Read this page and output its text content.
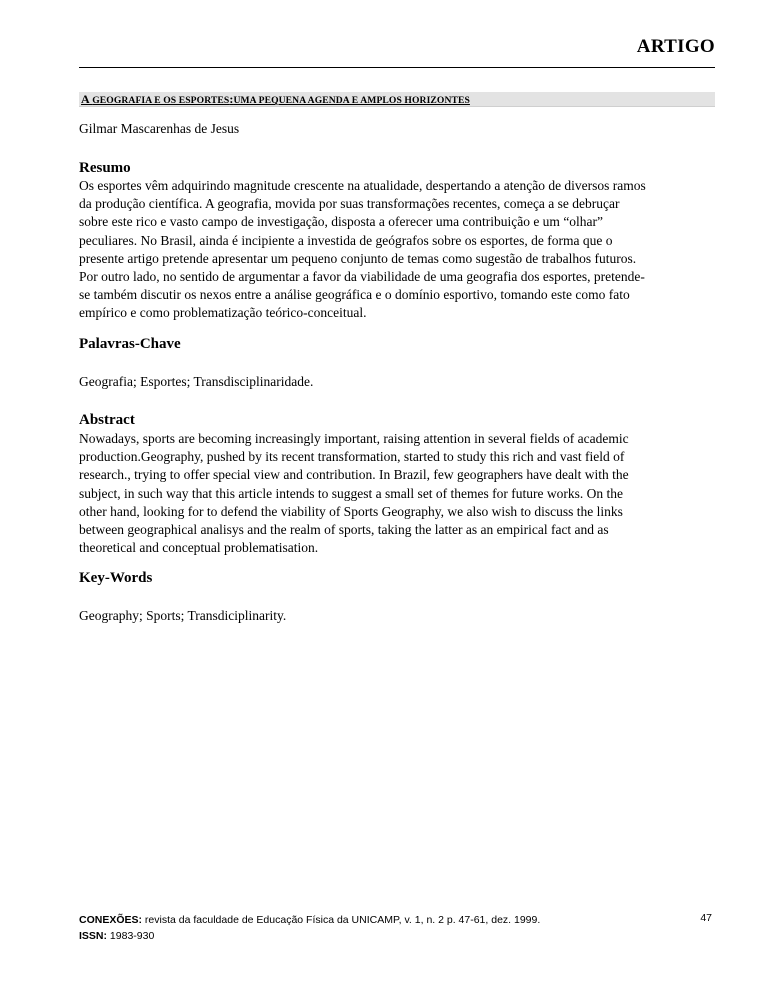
ARTIGO
A GEOGRAFIA E OS ESPORTES:UMA PEQUENA AGENDA E AMPLOS HORIZONTES
Gilmar Mascarenhas de Jesus
Resumo
Os esportes vêm adquirindo magnitude crescente na atualidade, despertando a atenção de diversos ramos
da produção científica. A geografia, movida por suas transformações recentes, começa a se debruçar
sobre este rico e vasto campo de investigação, disposta a oferecer uma contribuição e um “olhar”
peculiares. No Brasil, ainda é incipiente a investida de geógrafos sobre os esportes, de forma que o
presente artigo pretende apresentar um pequeno conjunto de temas como sugestão de trabalhos futuros.
Por outro lado, no sentido de argumentar a favor da viabilidade de uma geografia dos esportes, pretende-
se também discutir os nexos entre a análise geográfica e o domínio esportivo, tomando este como fato
empírico e como problematização teórico-conceitual.
Palavras-Chave
Geografia; Esportes; Transdisciplinaridade.
Abstract
Nowadays, sports are becoming increasingly important, raising attention in several fields of academic
production.Geography, pushed by its recent transformation, started to study this rich and vast field of
research., trying to offer special view and contribution. In Brazil, few geographers have dealt with the
subject, in such way that this article intends to suggest a small set of themes for future works. On the
other hand, looking for to defend the viability of Sports Geography, we also wish to discuss the links
between geographical analisys and the realm of sports, taking the latter as an empirical fact and as
theoretical and conceptual problematisation.
Key-Words
Geography; Sports; Transdiciplinarity.
CONEXÕES: revista da faculdade de Educação Física da UNICAMP, v. 1, n. 2 p. 47-61, dez. 1999.
ISSN: 1983-930
47
